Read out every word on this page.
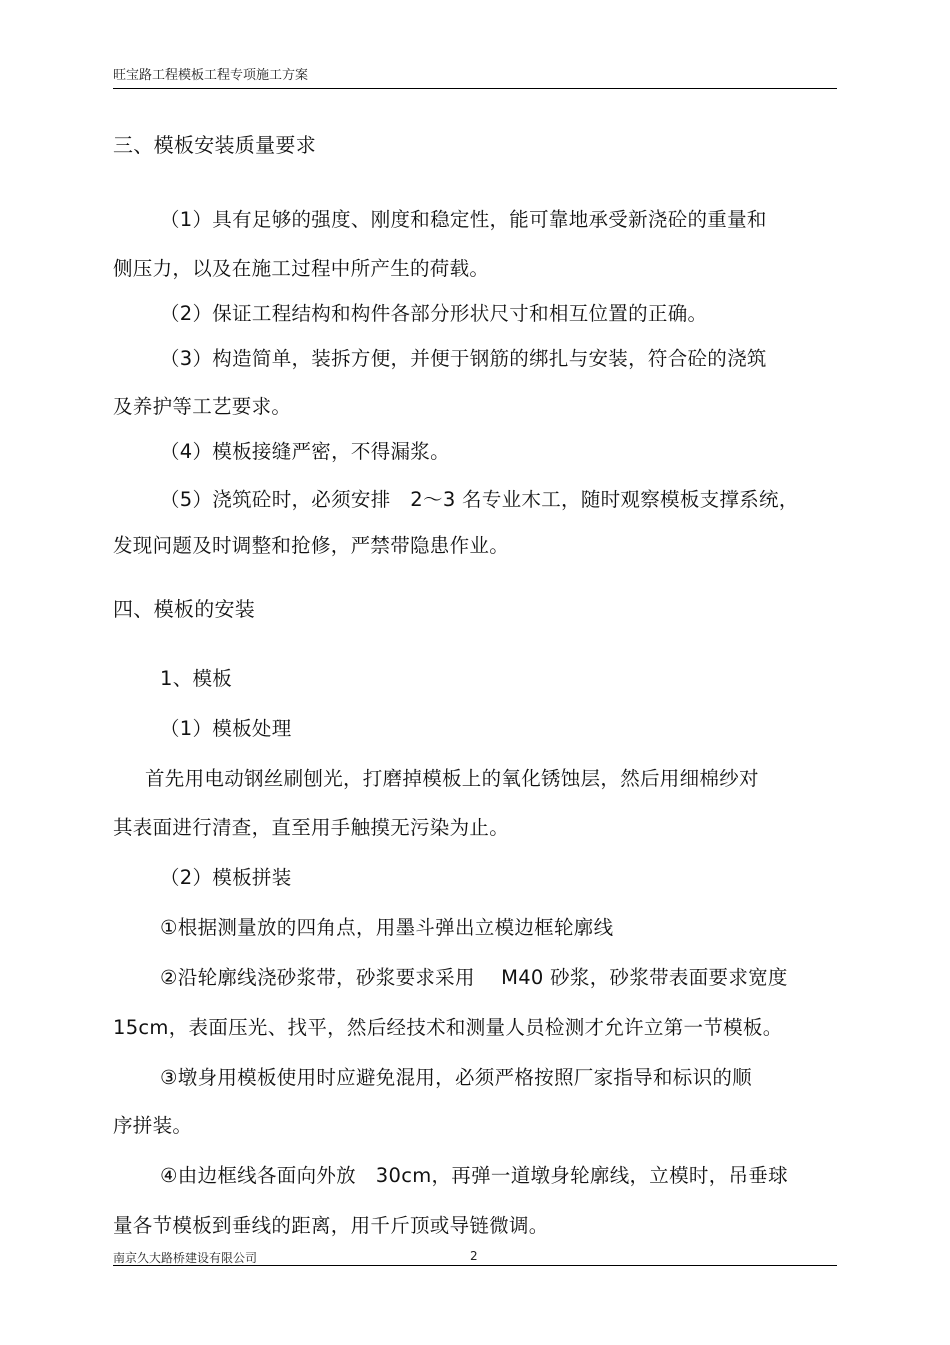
旺宝路工程模板工程专项施工方案
三、模板安装质量要求
（1）具有足够的强度、刚度和稳定性，能可靠地承受新浇砼的重量和
侧压力，以及在施工过程中所产生的荷载。
（2）保证工程结构和构件各部分形状尺寸和相互位置的正确。
（3）构造简单，装拆方便，并便于钢筋的绑扎与安装，符合砼的浇筑
及养护等工艺要求。
（4）模板接缝严密，不得漏浆。
（5）浇筑砼时，必须安排　2～3 名专业木工，随时观察模板支撑系统，
发现问题及时调整和抢修，严禁带隐患作业。
四、模板的安装
1、模板
（1）模板处理
首先用电动钢丝刷刨光，打磨掉模板上的氧化锈蚀层，然后用细棉纱对
其表面进行清查，直至用手触摸无污染为止。
（2）模板拼装
①根据测量放的四角点，用墨斗弹出立模边框轮廓线
②沿轮廓线浇砂浆带，砂浆要求采用　 M40 砂浆，砂浆带表面要求宽度
15cm，表面压光、找平，然后经技术和测量人员检测才允许立第一节模板。
③墩身用模板使用时应避免混用，必须严格按照厂家指导和标识的顺
序拼装。
④由边框线各面向外放　30cm，再弹一道墩身轮廓线，立模时，吊垂球
量各节模板到垂线的距离，用千斤顶或导链微调。
南京久大路桥建设有限公司	2
